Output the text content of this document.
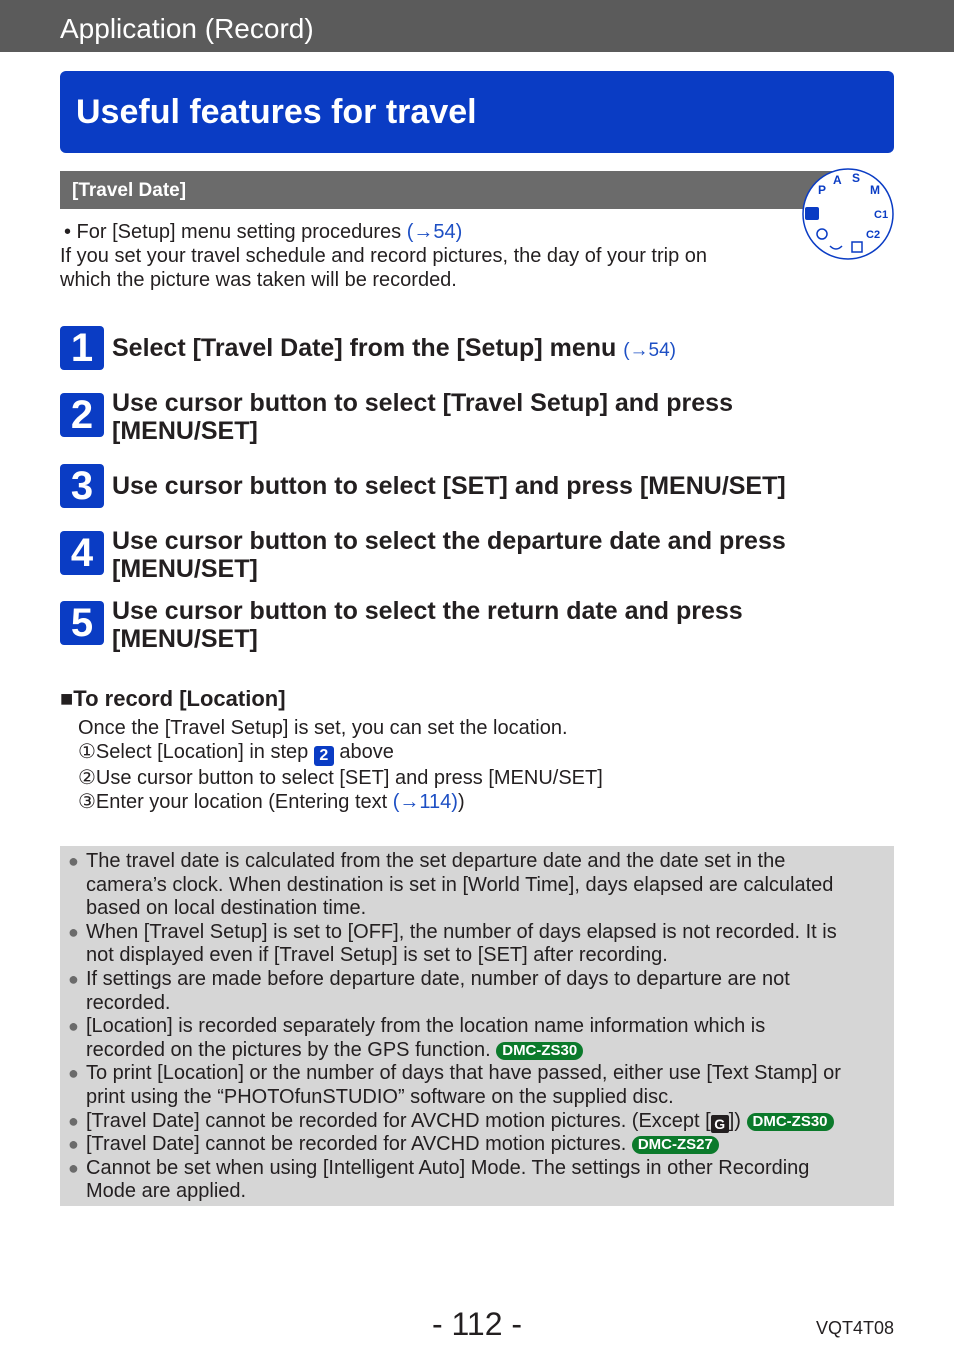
Application (Record)
Useful features for travel
[Travel Date]	P
A S
M
C1
C2
• For [Setup] menu setting procedures (→54)
If you set your travel schedule and record pictures, the day of your trip on
which the picture was taken will be recorded.
1 Select [Travel Date] from the [Setup] menu (→54)
2 Use cursor button to select [Travel Setup] and press
[MENU/SET]
3 Use cursor button to select [SET] and press [MENU/SET]
4 Use cursor button to select the departure date and press
[MENU/SET]
5 Use cursor button to select the return date and press
[MENU/SET]
■To record [Location]
Once the [Travel Setup] is set, you can set the location.
①Select [Location] in step 2 above
②Use cursor button to select [SET] and press [MENU/SET]
③Enter your location (Entering text (→114))
● The travel date is calculated from the set departure date and the date set in the
camera’s clock. When destination is set in [World Time], days elapsed are calculated
based on local destination time.
● When [Travel Setup] is set to [OFF], the number of days elapsed is not recorded. It is
not displayed even if [Travel Setup] is set to [SET] after recording.
● If settings are made before departure date, number of days to departure are not
recorded.
● [Location] is recorded separately from the location name information which is
recorded on the pictures by the GPS function. DMC-ZS30
● To print [Location] or the number of days that have passed, either use [Text Stamp] or
print using the “PHOTOfunSTUDIO” software on the supplied disc.
● [Travel Date] cannot be recorded for AVCHD motion pictures. (Except [ G ]) DMC-ZS30
● [Travel Date] cannot be recorded for AVCHD motion pictures. DMC-ZS27
● Cannot be set when using [Intelligent Auto] Mode. The settings in other Recording
Mode are applied.
- 112 -	VQT4T08
